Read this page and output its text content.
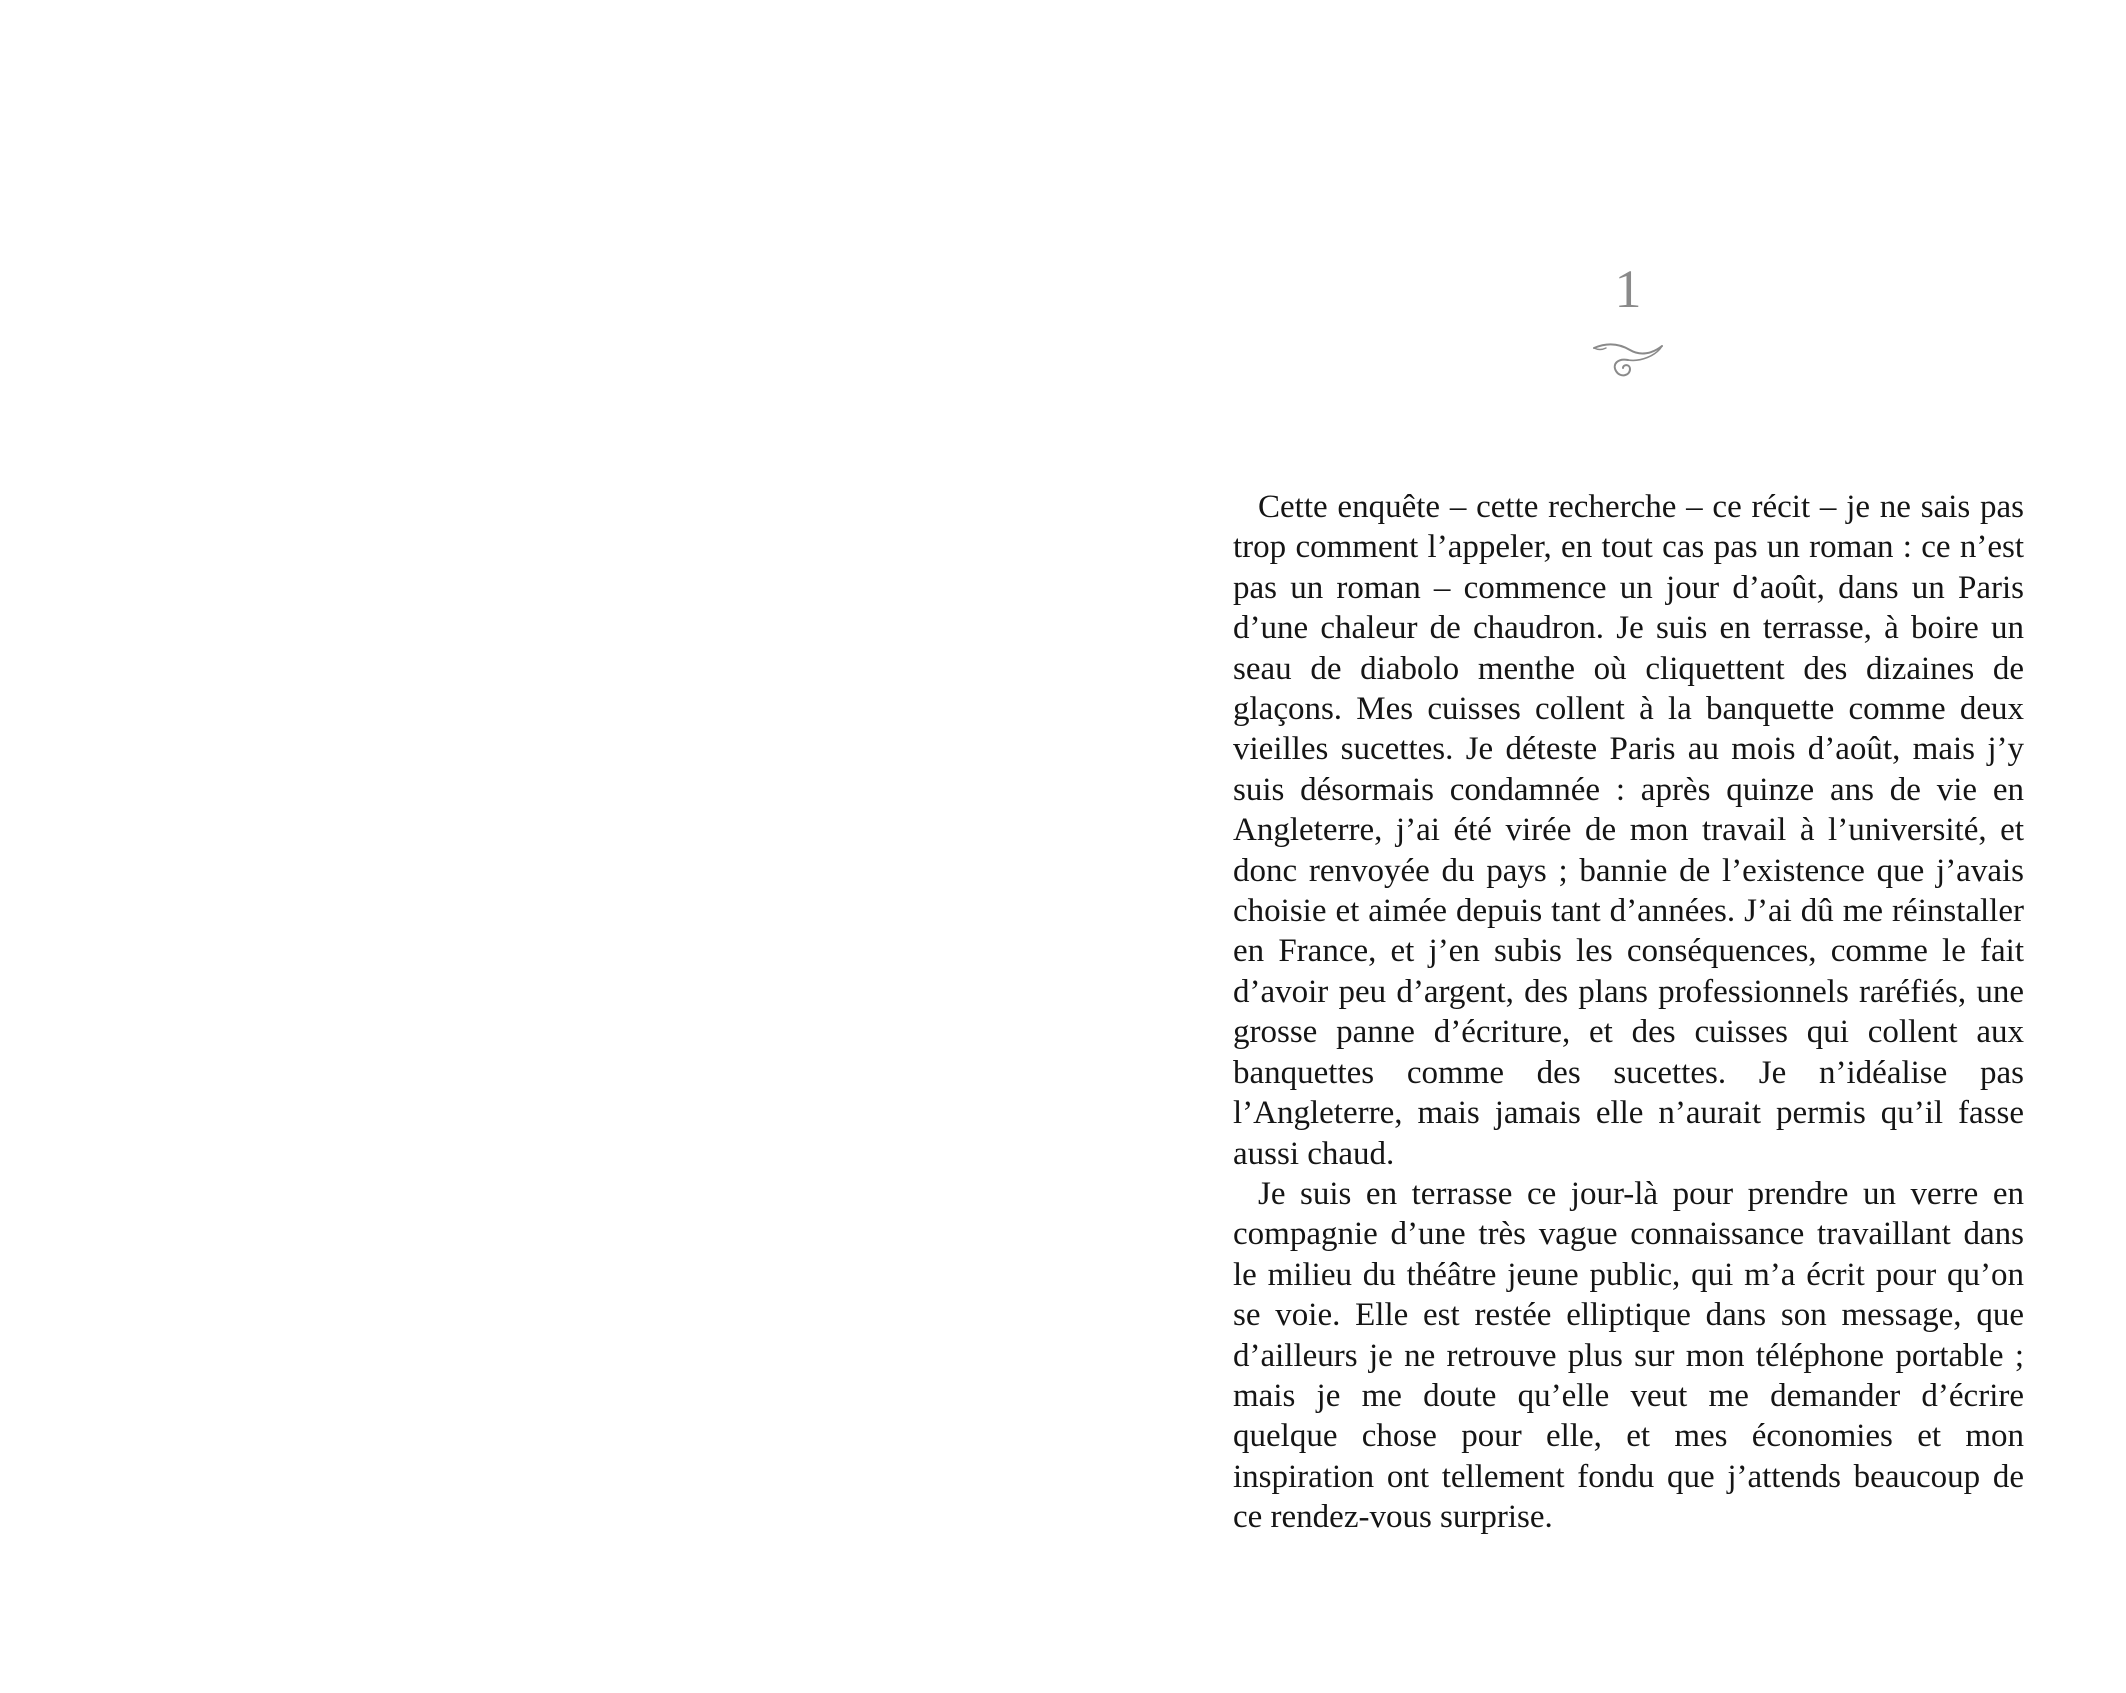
1

Cette enquête – cette recherche – ce récit – je ne sais pas trop comment l’appeler, en tout cas pas un roman : ce n’est pas un roman – commence un jour d’août, dans un Paris d’une chaleur de chaudron. Je suis en terrasse, à boire un seau de diabolo menthe où cliquettent des dizaines de glaçons. Mes cuisses collent à la banquette comme deux vieilles sucettes. Je déteste Paris au mois d’août, mais j’y suis désormais condamnée : après quinze ans de vie en Angleterre, j’ai été virée de mon travail à l’université, et donc renvoyée du pays ; bannie de l’existence que j’avais choisie et aimée depuis tant d’années. J’ai dû me réinstaller en France, et j’en subis les conséquences, comme le fait d’avoir peu d’argent, des plans professionnels raréfiés, une grosse panne d’écriture, et des cuisses qui collent aux banquettes comme des sucettes. Je n’idéalise pas l’Angleterre, mais jamais elle n’aurait permis qu’il fasse aussi chaud.

Je suis en terrasse ce jour-là pour prendre un verre en compagnie d’une très vague connaissance travaillant dans le milieu du théâtre jeune public, qui m’a écrit pour qu’on se voie. Elle est restée elliptique dans son message, que d’ailleurs je ne retrouve plus sur mon téléphone portable ; mais je me doute qu’elle veut me demander d’écrire quelque chose pour elle, et mes économies et mon inspiration ont tellement fondu que j’attends beaucoup de ce rendez-vous surprise.
